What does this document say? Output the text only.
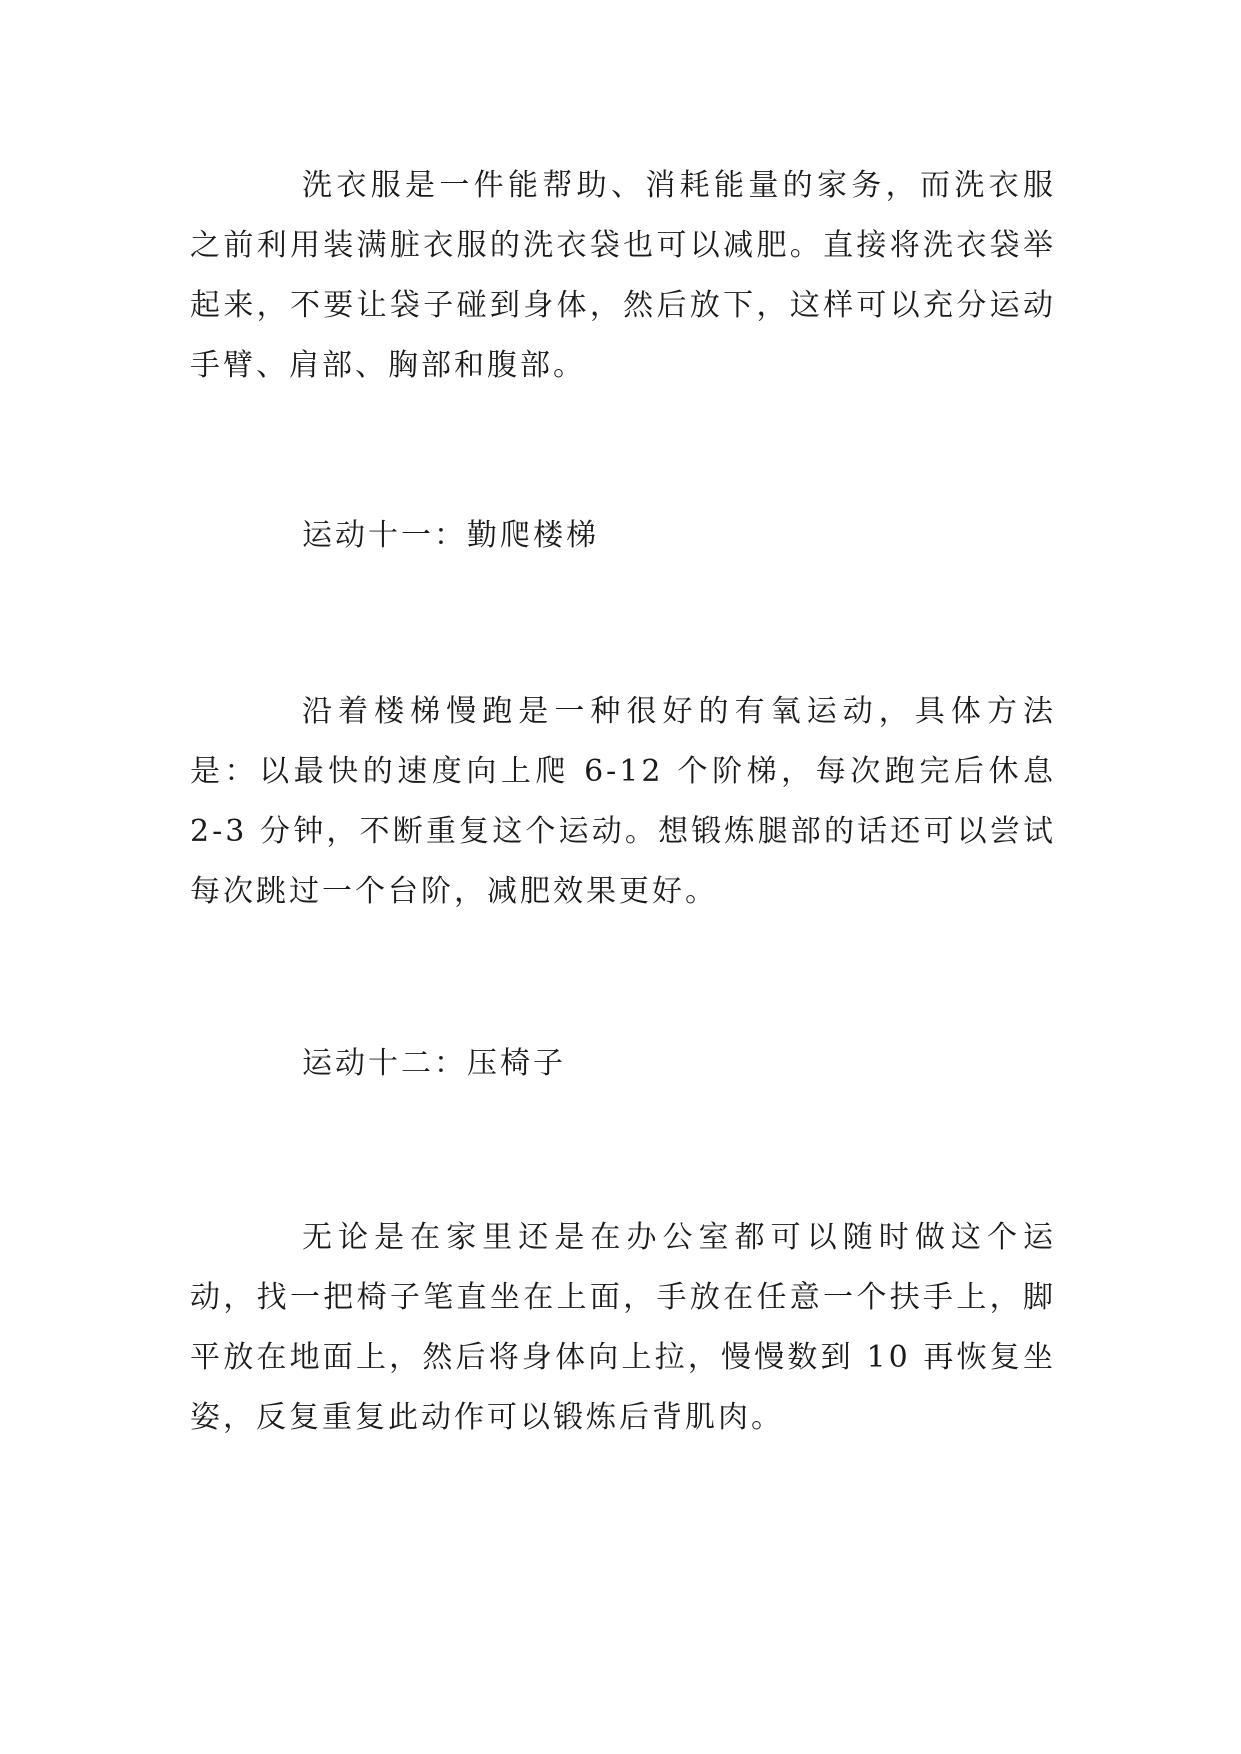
洗衣服是一件能帮助、消耗能量的家务，而洗衣服之前利用装满脏衣服的洗衣袋也可以减肥。直接将洗衣袋举起来，不要让袋子碰到身体，然后放下，这样可以充分运动手臂、肩部、胸部和腹部。

运动十一：勤爬楼梯

沿着楼梯慢跑是一种很好的有氧运动，具体方法是：以最快的速度向上爬 6-12 个阶梯，每次跑完后休息 2-3 分钟，不断重复这个运动。想锻炼腿部的话还可以尝试每次跳过一个台阶，减肥效果更好。

运动十二：压椅子

无论是在家里还是在办公室都可以随时做这个运动，找一把椅子笔直坐在上面，手放在任意一个扶手上，脚平放在地面上，然后将身体向上拉，慢慢数到 10 再恢复坐姿，反复重复此动作可以锻炼后背肌肉。
